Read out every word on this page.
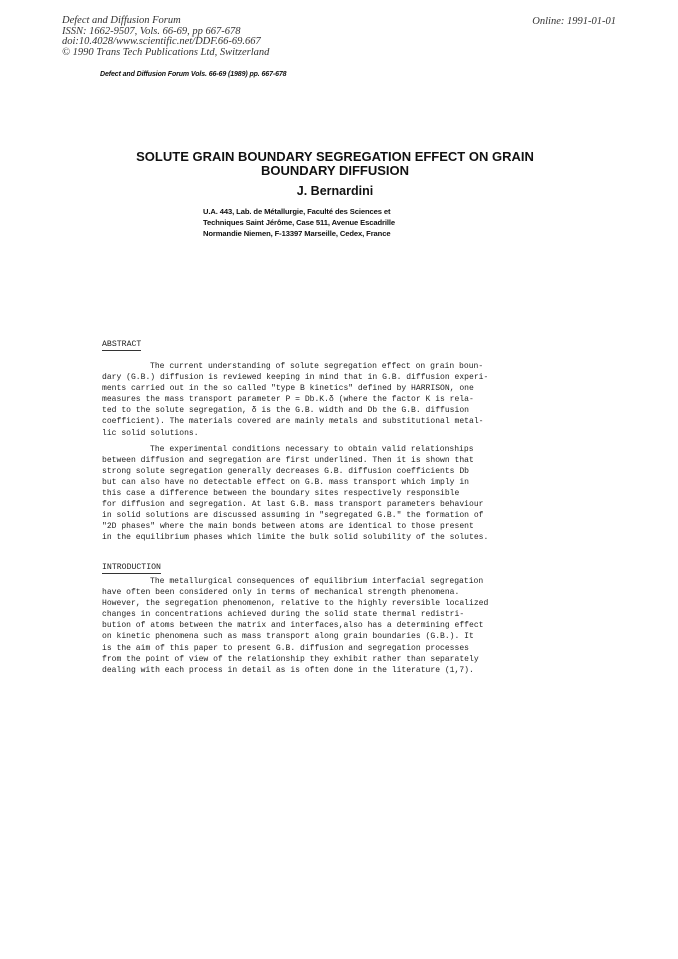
Defect and Diffusion Forum
ISSN: 1662-9507, Vols. 66-69, pp 667-678
doi:10.4028/www.scientific.net/DDF.66-69.667
© 1990 Trans Tech Publications Ltd, Switzerland
Online: 1991-01-01
Defect and Diffusion Forum Vols. 66-69 (1989) pp. 667-678
SOLUTE GRAIN BOUNDARY SEGREGATION EFFECT ON GRAIN
BOUNDARY DIFFUSION
J. Bernardini
U.A. 443, Lab. de Métallurgie, Faculté des Sciences et
Techniques Saint Jérôme, Case 511, Avenue Escadrille
Normandie Niemen, F-13397 Marseille, Cedex, France
ABSTRACT
The current understanding of solute segregation effect on grain boun-
dary (G.B.) diffusion is reviewed keeping in mind that in G.B. diffusion experi-
ments carried out in the so called "type B kinetics" defined by HARRISON, one
measures the mass transport parameter P = Db.K.δ (where the factor K is rela-
ted to the solute segregation, δ is the G.B. width and Db the G.B. diffusion
coefficient). The materials covered are mainly metals and substitutional metal-
lic solid solutions.
The experimental conditions necessary to obtain valid relationships
between diffusion and segregation are first underlined. Then it is shown that
strong solute segregation generally decreases G.B. diffusion coefficients Db
but can also have no detectable effect on G.B. mass transport which imply in
this case a difference between the boundary sites respectively responsible
for diffusion and segregation. At last G.B. mass transport parameters behaviour
in solid solutions are discussed assuming in "segregated G.B." the formation of
"2D phases" where the main bonds between atoms are identical to those present
in the equilibrium phases which limite the bulk solid solubility of the solutes.
INTRODUCTION
The metallurgical consequences of equilibrium interfacial segregation
have often been considered only in terms of mechanical strength phenomena.
However, the segregation phenomenon, relative to the highly reversible localized
changes in concentrations achieved during the solid state thermal redistri-
bution of atoms between the matrix and interfaces,also has a determining effect
on kinetic phenomena such as mass transport along grain boundaries (G.B.). It
is the aim of this paper to present G.B. diffusion and segregation processes
from the point of view of the relationship they exhibit rather than separately
dealing with each process in detail as is often done in the literature (1,7).
